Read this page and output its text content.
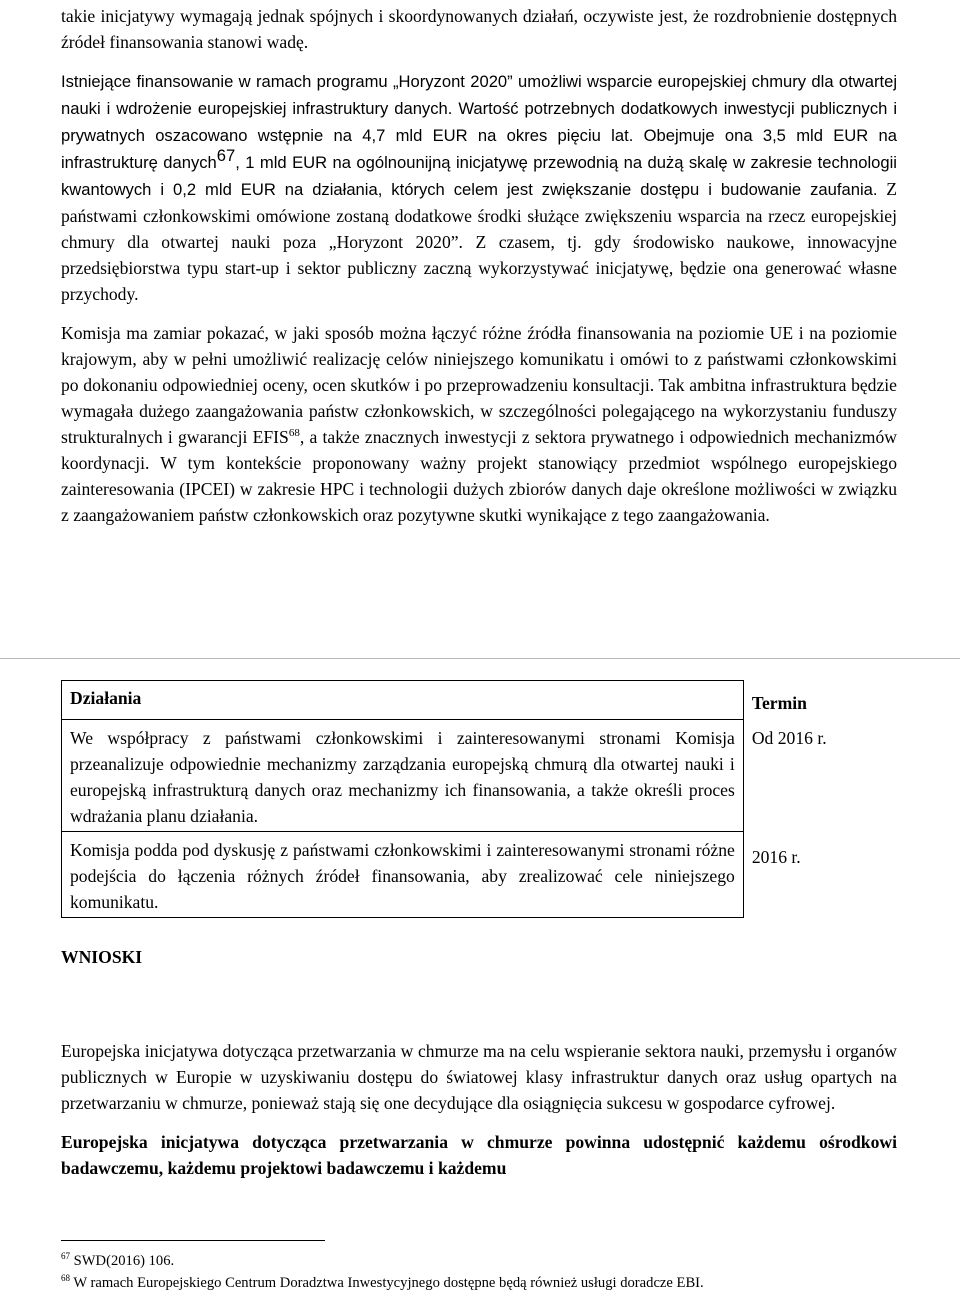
takie inicjatywy wymagają jednak spójnych i skoordynowanych działań, oczywiste jest, że rozdrobnienie dostępnych źródeł finansowania stanowi wadę.

Istniejące finansowanie w ramach programu „Horyzont 2020” umożliwi wsparcie europejskiej chmury dla otwartej nauki i wdrożenie europejskiej infrastruktury danych. Wartość potrzebnych dodatkowych inwestycji publicznych i prywatnych oszacowano wstępnie na 4,7 mld EUR na okres pięciu lat. Obejmuje ona 3,5 mld EUR na infrastrukturę danych$^{67}$, 1 mld EUR na ogólnounijną inicjatywę przewodnią na dużą skalę w zakresie technologii kwantowych i 0,2 mld EUR na działania, których celem jest zwiększanie dostępu i budowanie zaufania. Z państwami członkowskimi omówione zostaną dodatkowe środki służące zwiększeniu wsparcia na rzecz europejskiej chmury dla otwartej nauki poza „Horyzont 2020”. Z czasem, tj. gdy środowisko naukowe, innowacyjne przedsiębiorstwa typu start-up i sektor publiczny zaczną wykorzystywać inicjatywę, będzie ona generować własne przychody.

Komisja ma zamiar pokazać, w jaki sposób można łączyć różne źródła finansowania na poziomie UE i na poziomie krajowym, aby w pełni umożliwić realizację celów niniejszego komunikatu i omówi to z państwami członkowskimi po dokonaniu odpowiedniej oceny, ocen skutków i po przeprowadzeniu konsultacji. Tak ambitna infrastruktura będzie wymagała dużego zaangażowania państw członkowskich, w szczególności polegającego na wykorzystaniu funduszy strukturalnych i gwarancji EFIS$^{68}$, a także znacznych inwestycji z sektora prywatnego i odpowiednich mechanizmów koordynacji. W tym kontekście proponowany ważny projekt stanowiący przedmiot wspólnego europejskiego zainteresowania (IPCEI) w zakresie HPC i technologii dużych zbiorów danych daje określone możliwości w związku z zaangażowaniem państw członkowskich oraz pozytywne skutki wynikające z tego zaangażowania.

Działania	Termin
We współpracy z państwami członkowskimi i zainteresowanymi stronami Komisja przeanalizuje odpowiednie mechanizmy zarządzania europejską chmurą dla otwartej nauki i europejską infrastrukturą danych oraz mechanizmy ich finansowania, a także określi proces wdrażania planu działania.	Od 2016 r.
Komisja podda pod dyskusję z państwami członkowskimi i zainteresowanymi stronami różne podejścia do łączenia różnych źródeł finansowania, aby zrealizować cele niniejszego komunikatu.	2016 r.
WNIOSKI

Europejska inicjatywa dotycząca przetwarzania w chmurze ma na celu wspieranie sektora nauki, przemysłu i organów publicznych w Europie w uzyskiwaniu dostępu do światowej klasy infrastruktur danych oraz usług opartych na przetwarzaniu w chmurze, ponieważ stają się one decydujące dla osiągnięcia sukcesu w gospodarce cyfrowej.

Europejska inicjatywa dotycząca przetwarzania w chmurze powinna udostępnić każdemu ośrodkowi badawczemu, każdemu projektowi badawczemu i każdemu

$^{67}$ SWD(2016) 106.
$^{68}$ W ramach Europejskiego Centrum Doradztwa Inwestycyjnego dostępne będą również usługi doradcze EBI.
